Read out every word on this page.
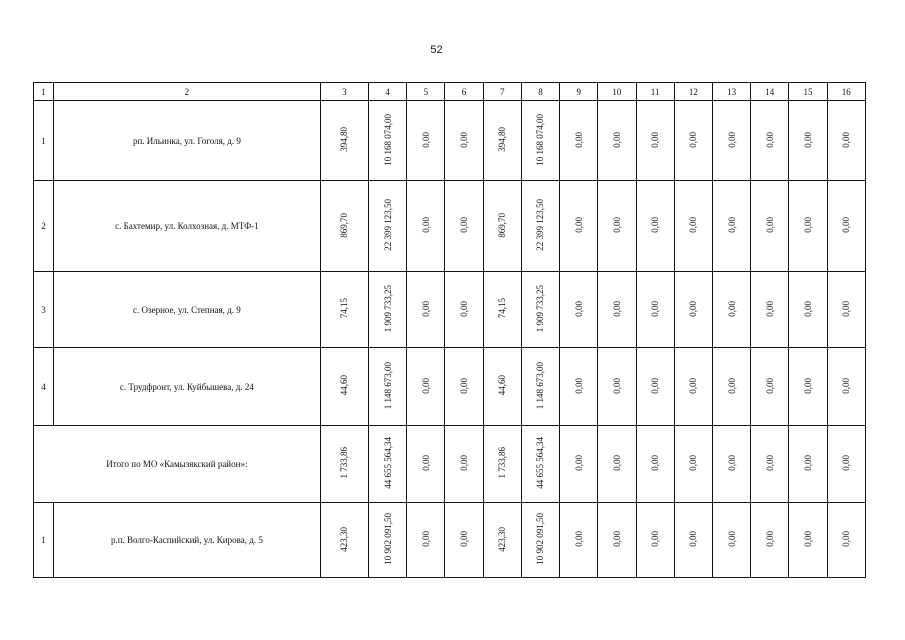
52
1	2	3	4	5	6	7	8	9	10	11	12	13	14	15	16
1	рп. Ильинка, ул. Гоголя, д. 9	394,80	10 168 074,00	0,00	0,00	394,80	10 168 074,00	0,00	0,00	0,00	0,00	0,00	0,00	0,00	0,00
2	с. Бахтемир, ул. Колхозная, д. МТФ-1	869,70	22 399 123,50	0,00	0,00	869,70	22 399 123,50	0,00	0,00	0,00	0,00	0,00	0,00	0,00	0,00
3	с. Озерное, ул. Степная, д. 9	74,15	1 909 733,25	0,00	0,00	74,15	1 909 733,25	0,00	0,00	0,00	0,00	0,00	0,00	0,00	0,00
4	с. Трудфронт, ул. Куйбышева, д. 24	44,60	1 148 673,00	0,00	0,00	44,60	1 148 673,00	0,00	0,00	0,00	0,00	0,00	0,00	0,00	0,00
Итого по МО «Камызякский район»:		1 733,86	44 655 564,34	0,00	0,00	1 733,86	44 655 564,34	0,00	0,00	0,00	0,00	0,00	0,00	0,00	0,00
1	р.п. Волго-Каспийский, ул. Кирова, д. 5	423,30	10 902 091,50	0,00	0,00	423,30	10 902 091,50	0,00	0,00	0,00	0,00	0,00	0,00	0,00	0,00
